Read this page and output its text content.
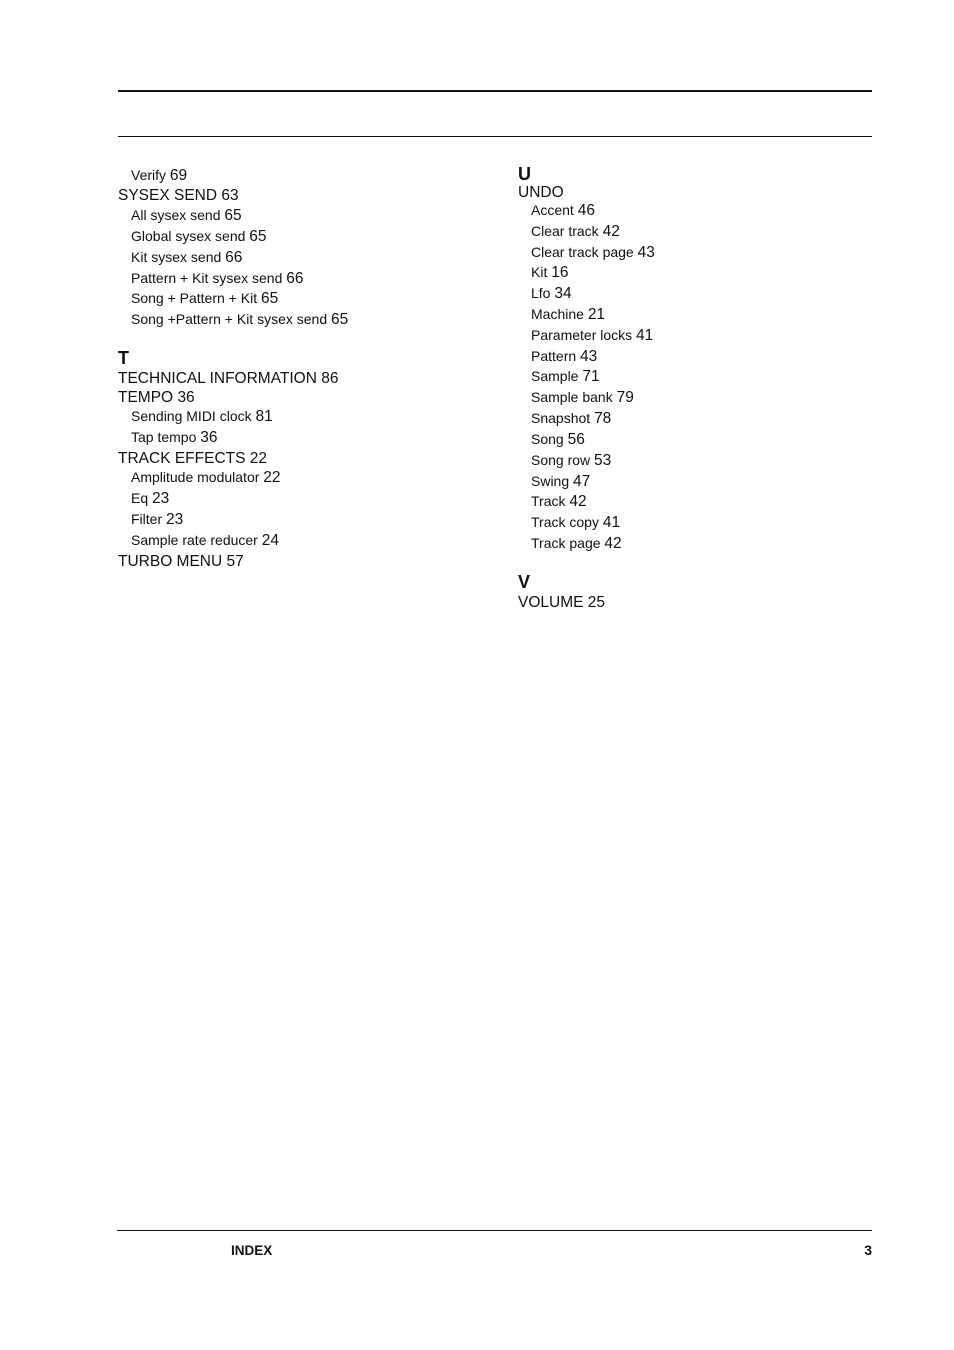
Verify 69
SYSEX SEND 63
All sysex send 65
Global sysex send 65
Kit sysex send 66
Pattern + Kit sysex send 66
Song + Pattern + Kit 65
Song +Pattern + Kit sysex send 65
T
TECHNICAL INFORMATION 86
TEMPO 36
Sending MIDI clock 81
Tap tempo 36
TRACK EFFECTS 22
Amplitude modulator 22
Eq 23
Filter 23
Sample rate reducer 24
TURBO MENU 57
U
UNDO
Accent 46
Clear track 42
Clear track page 43
Kit 16
Lfo 34
Machine 21
Parameter locks 41
Pattern 43
Sample 71
Sample bank 79
Snapshot 78
Song 56
Song row 53
Swing 47
Track 42
Track copy 41
Track page 42
V
VOLUME 25
INDEX	3
